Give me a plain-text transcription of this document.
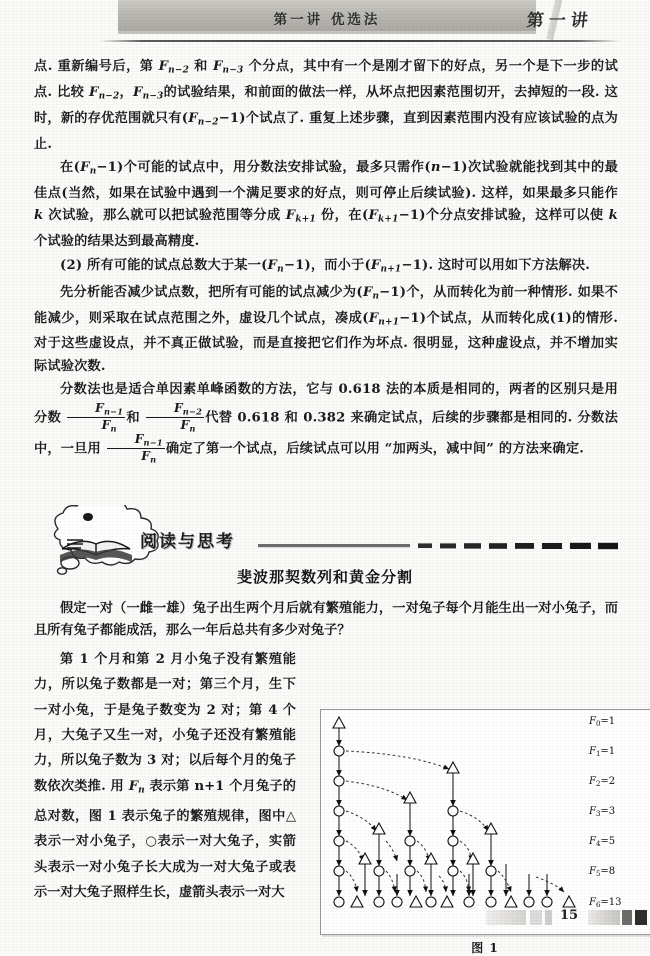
第一讲 优选法	第一讲

点. 重新编号后，第 $F_{n-2}$ 和 $F_{n-3}$ 个分点，其中有一个是刚才留下的好点，另一个是下一步的试点. 比较 $F_{n-2}$，$F_{n-3}$的试验结果，和前面的做法一样，从坏点把因素范围切开，去掉短的一段. 这时，新的存优范围就只有$(F_{n-2}-1)$个试点了. 重复上述步骤，直到因素范围内没有应该试验的点为止.

在$(F_n-1)$个可能的试点中，用分数法安排试验，最多只需作(n−1)次试验就能找到其中的最佳点(当然，如果在试验中遇到一个满足要求的好点，则可停止后续试验). 这样，如果最多只能作 k 次试验，那么就可以把试验范围等分成 $F_{k+1}$ 份，在$(F_{k+1}-1)$个分点安排试验，这样可以使 k 个试验的结果达到最高精度.

(2) 所有可能的试点总数大于某一$(F_n-1)$，而小于$(F_{n+1}-1)$. 这时可以用如下方法解决.

先分析能否减少试点数，把所有可能的试点减少为$(F_n-1)$个，从而转化为前一种情形. 如果不能减少，则采取在试点范围之外，虚设几个试点，凑成$(F_{n+1}-1)$个试点，从而转化成(1)的情形. 对于这些虚设点，并不真正做试验，而是直接把它们作为坏点. 很明显，这种虚设点，并不增加实际试验次数.

分数法也是适合单因素单峰函数的方法，它与 0.618 法的本质是相同的，两者的区别只是用分数 $\frac{F_{n-1}}{F_n}$ 和 $\frac{F_{n-2}}{F_n}$ 代替 0.618 和 0.382 来确定试点，后续的步骤都是相同的. 分数法中，一旦用 $\frac{F_{n-1}}{F_n}$ 确定了第一个试点，后续试点可以用 “加两头，减中间” 的方法来确定.

阅读与思考
斐波那契数列和黄金分割

假定一对（一雌一雄）兔子出生两个月后就有繁殖能力，一对兔子每个月能生出一对小兔子，而且所有兔子都能成活，那么一年后总共有多少对兔子？

第 1 个月和第 2 月小兔子没有繁殖能力，所以兔子数都是一对；第三个月，生下一对小兔，于是兔子数变为 2 对；第 4 个月，大兔子又生一对，小兔子还没有繁殖能力，所以兔子数为 3 对；以后每个月的兔子数依次类推. 用 $F_n$ 表示第 n+1 个月兔子的总对数，图 1 表示兔子的繁殖规律，图中△表示一对小兔子，○表示一对大兔子，实箭头表示一对小兔子长大成为一对大兔子或表示一对大兔子照样生长，虚箭头表示一对大

$F_0=1$
$F_1=1$
$F_2=2$
$F_3=3$
$F_4=5$
$F_5=8$
$F_6=13$
图 1
15
